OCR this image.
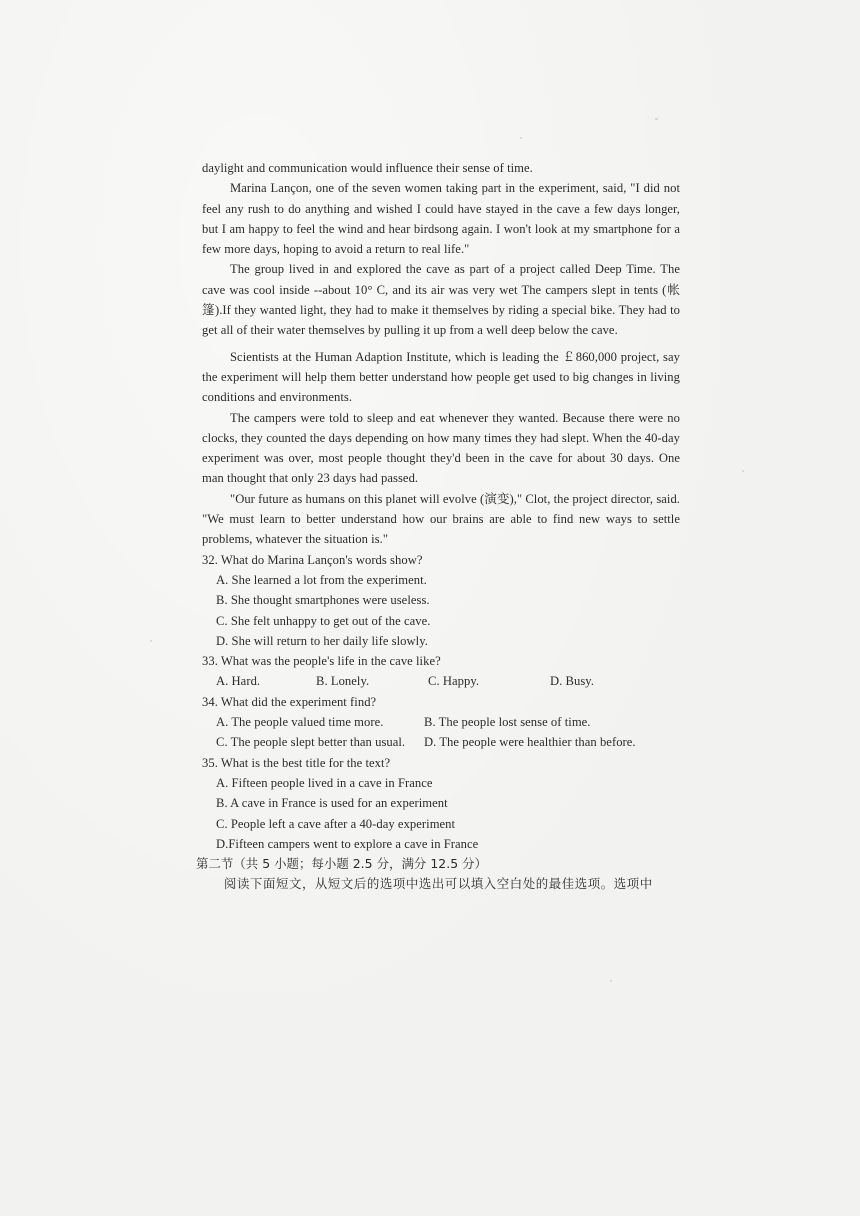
daylight and communication would influence their sense of time.

Marina Lançon, one of the seven women taking part in the experiment, said, "I did not feel any rush to do anything and wished I could have stayed in the cave a few days longer, but I am happy to feel the wind and hear birdsong again. I won't look at my smartphone for a few more days, hoping to avoid a return to real life."

The group lived in and explored the cave as part of a project called Deep Time. The cave was cool inside --about 10° C, and its air was very wet The campers slept in tents (帐篷).If they wanted light, they had to make it themselves by riding a special bike. They had to get all of their water themselves by pulling it up from a well deep below the cave.

Scientists at the Human Adaption Institute, which is leading the ￡860,000 project, say the experiment will help them better understand how people get used to big changes in living conditions and environments.

The campers were told to sleep and eat whenever they wanted. Because there were no clocks, they counted the days depending on how many times they had slept. When the 40-day experiment was over, most people thought they'd been in the cave for about 30 days. One man thought that only 23 days had passed.

"Our future as humans on this planet will evolve (演变)," Clot, the project director, said. "We must learn to better understand how our brains are able to find new ways to settle problems, whatever the situation is."

32. What do Marina Lançon's words show?

A. She learned a lot from the experiment.

B. She thought smartphones were useless.

C. She felt unhappy to get out of the cave.

D. She will return to her daily life slowly.

33. What was the people's life in the cave like?

A. Hard.	B. Lonely.	C. Happy.	D. Busy.

34. What did the experiment find?

A. The people valued time more.	B. The people lost sense of time.
C. The people slept better than usual.	D. The people were healthier than before.

35. What is the best title for the text?

A. Fifteen people lived in a cave in France

B. A cave in France is used for an experiment

C. People left a cave after a 40-day experiment

D.Fifteen campers went to explore a cave in France

第二节（共 5 小题；每小题 2.5 分，满分 12.5 分）

阅读下面短文，从短文后的选项中选出可以填入空白处的最佳选项。选项中
